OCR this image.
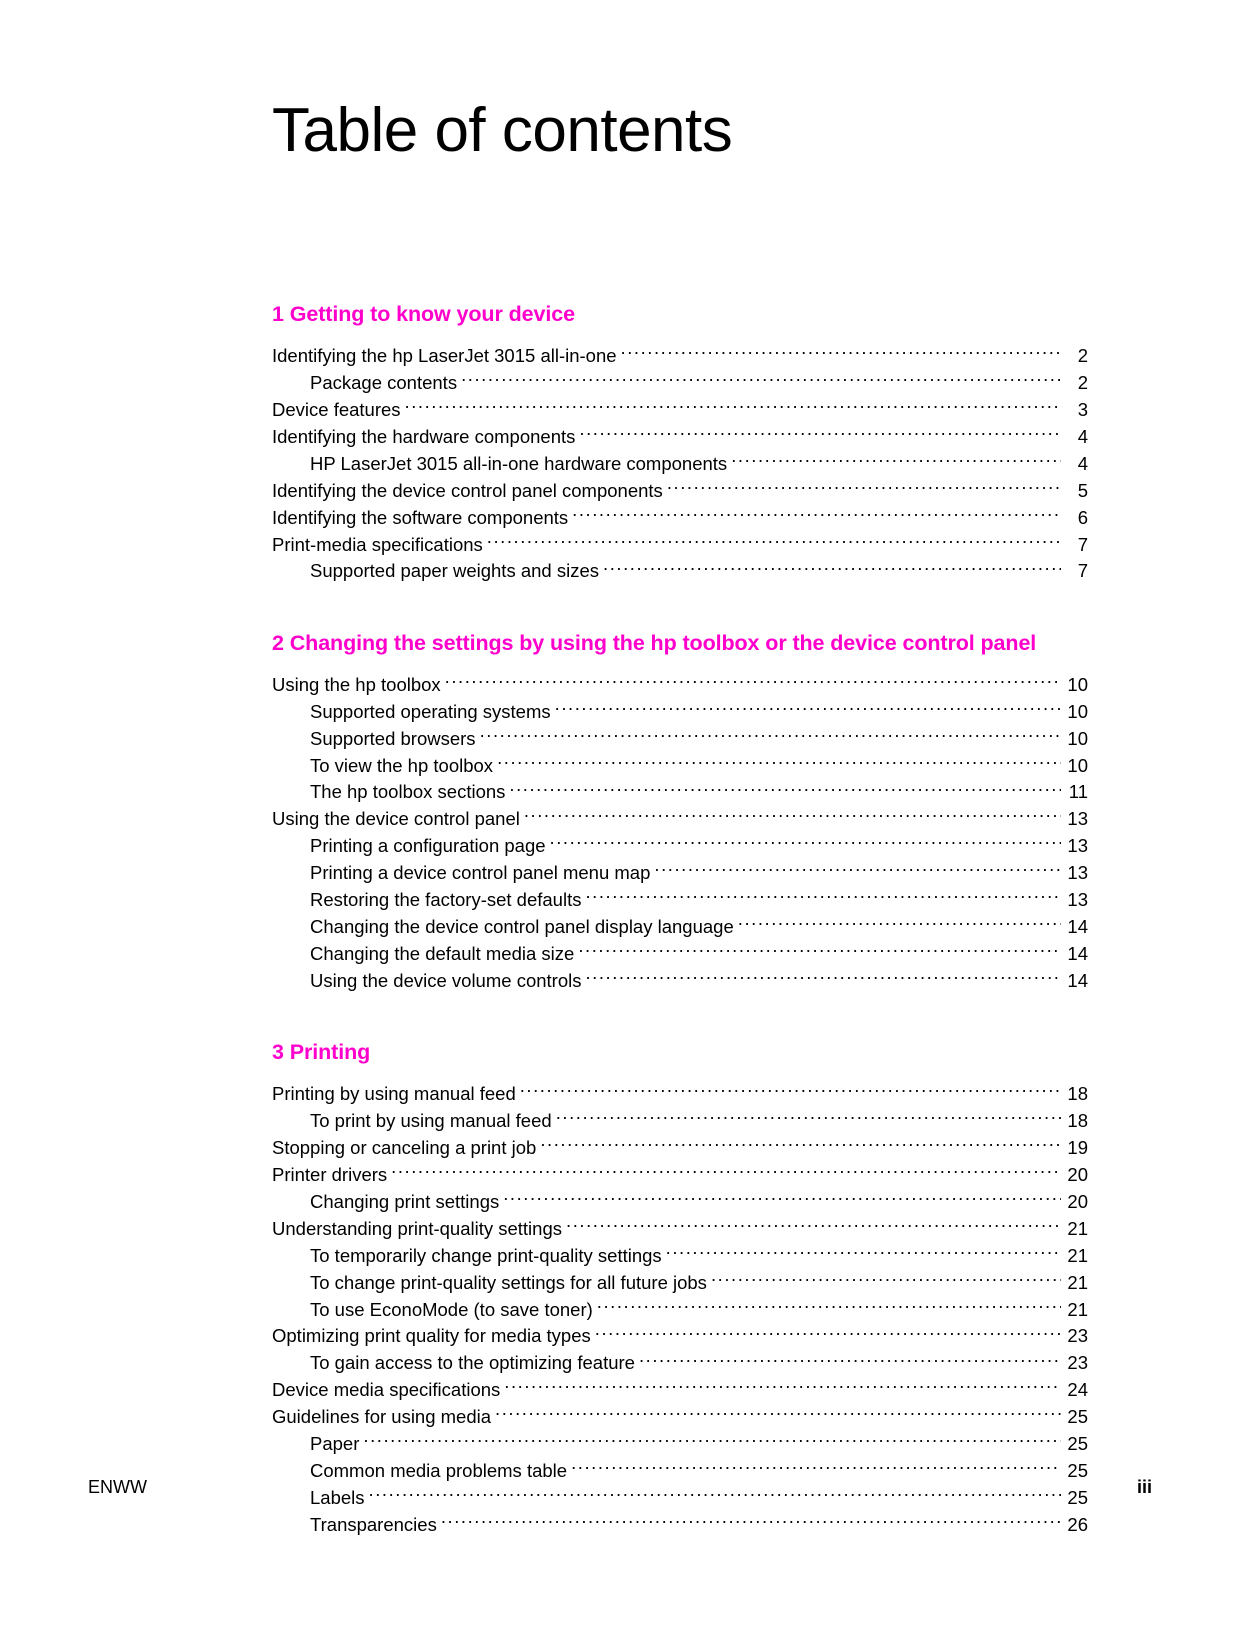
Table of contents
1 Getting to know your device
Identifying the hp LaserJet 3015 all-in-one .....	2
Package contents .....	2
Device features .....	3
Identifying the hardware components .....	4
HP LaserJet 3015 all-in-one hardware components .....	4
Identifying the device control panel components .....	5
Identifying the software components .....	6
Print-media specifications .....	7
Supported paper weights and sizes .....	7
2 Changing the settings by using the hp toolbox or the device control panel
Using the hp toolbox .....	10
Supported operating systems .....	10
Supported browsers .....	10
To view the hp toolbox .....	10
The hp toolbox sections .....	11
Using the device control panel .....	13
Printing a configuration page .....	13
Printing a device control panel menu map .....	13
Restoring the factory-set defaults .....	13
Changing the device control panel display language .....	14
Changing the default media size .....	14
Using the device volume controls .....	14
3 Printing
Printing by using manual feed .....	18
To print by using manual feed .....	18
Stopping or canceling a print job .....	19
Printer drivers .....	20
Changing print settings .....	20
Understanding print-quality settings .....	21
To temporarily change print-quality settings .....	21
To change print-quality settings for all future jobs .....	21
To use EconoMode (to save toner) .....	21
Optimizing print quality for media types .....	23
To gain access to the optimizing feature .....	23
Device media specifications .....	24
Guidelines for using media .....	25
Paper .....	25
Common media problems table .....	25
Labels .....	25
Transparencies .....	26
ENWW	iii
